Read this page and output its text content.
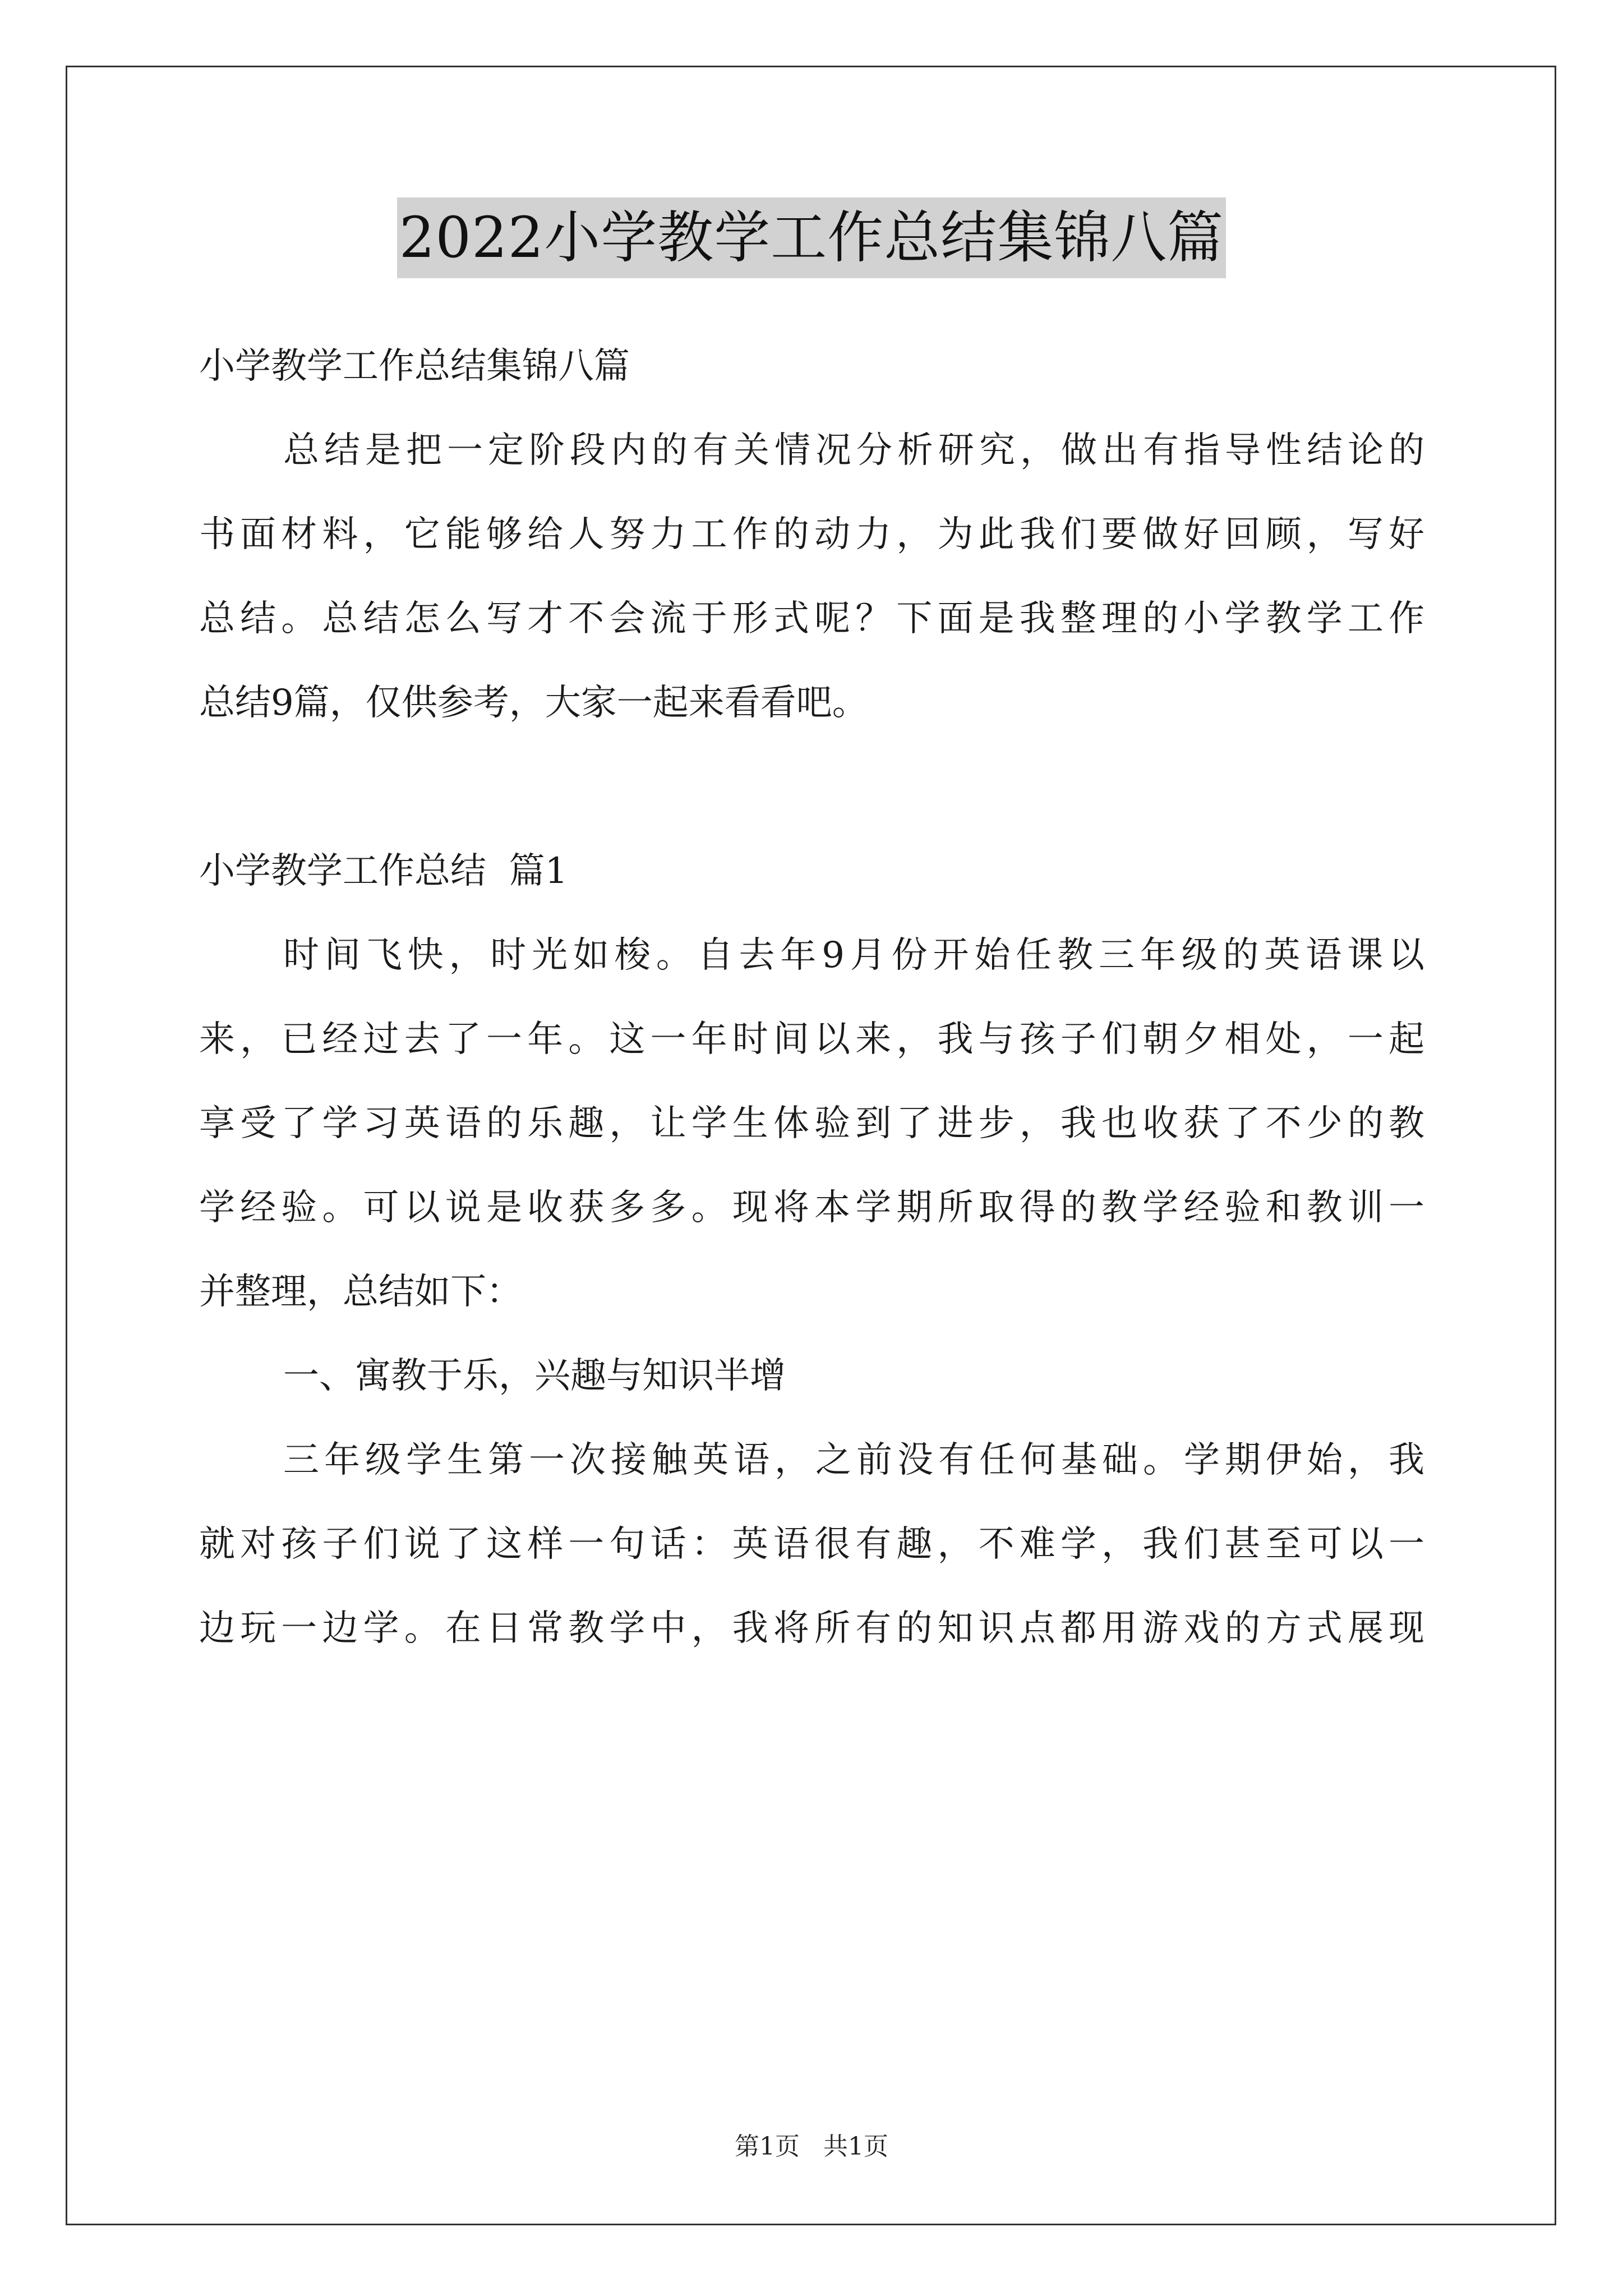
2022小学教学工作总结集锦八篇
小学教学工作总结集锦八篇
总结是把一定阶段内的有关情况分析研究，做出有指导性结论的
书面材料，它能够给人努力工作的动力，为此我们要做好回顾，写好
总结。总结怎么写才不会流于形式呢？下面是我整理的小学教学工作
总结9篇，仅供参考，大家一起来看看吧。
小学教学工作总结  篇1
时间飞快，时光如梭。自去年9月份开始任教三年级的英语课以
来，已经过去了一年。这一年时间以来，我与孩子们朝夕相处，一起
享受了学习英语的乐趣，让学生体验到了进步，我也收获了不少的教
学经验。可以说是收获多多。现将本学期所取得的教学经验和教训一
并整理，总结如下：
一、寓教于乐，兴趣与知识半增
三年级学生第一次接触英语，之前没有任何基础。学期伊始，我
就对孩子们说了这样一句话：英语很有趣，不难学，我们甚至可以一
边玩一边学。在日常教学中，我将所有的知识点都用游戏的方式展现
第1页   共1页
